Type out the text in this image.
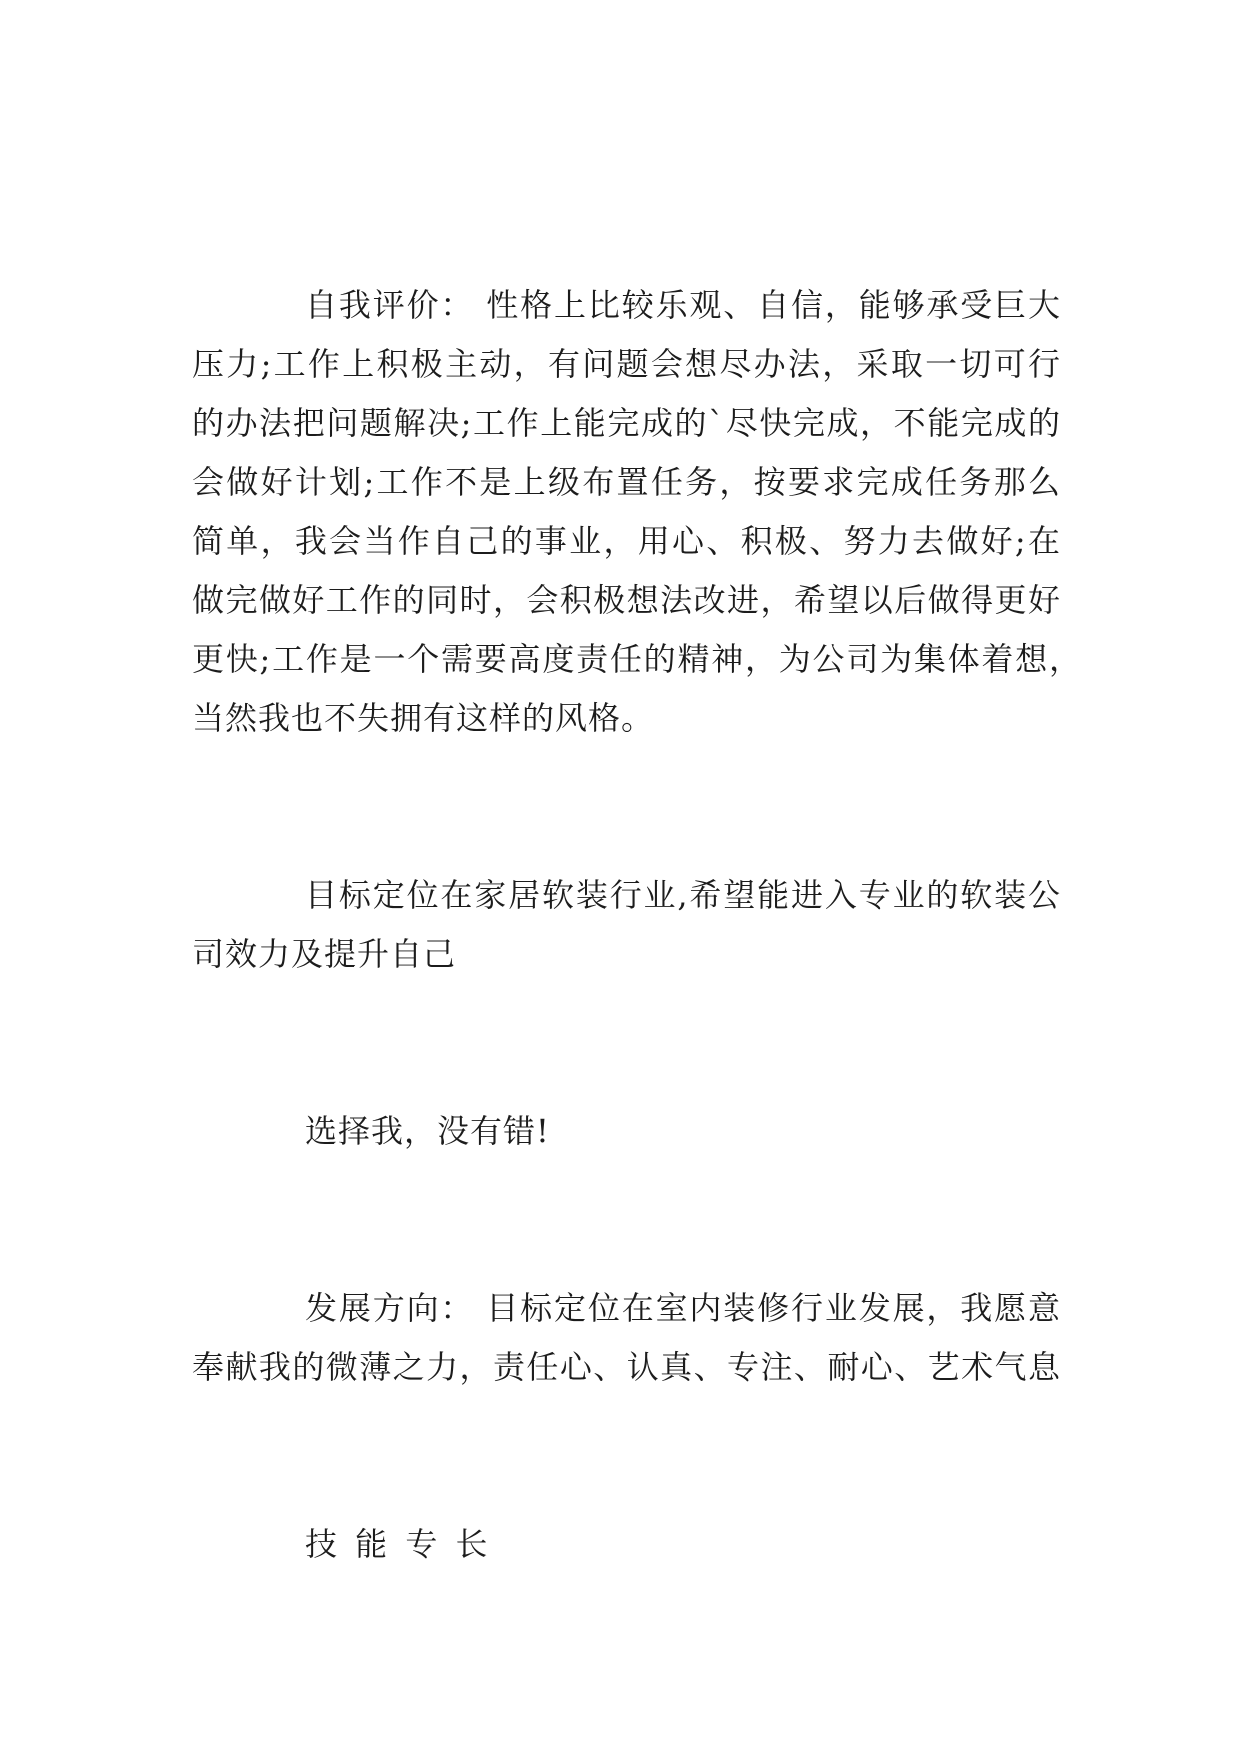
自我评价： 性格上比较乐观、自信，能够承受巨大
压力;工作上积极主动，有问题会想尽办法，采取一切可行
的办法把问题解决;工作上能完成的`尽快完成，不能完成的
会做好计划;工作不是上级布置任务，按要求完成任务那么
简单，我会当作自己的事业，用心、积极、努力去做好;在
做完做好工作的同时，会积极想法改进，希望以后做得更好
更快;工作是一个需要高度责任的精神，为公司为集体着想，
当然我也不失拥有这样的风格。
目标定位在家居软装行业,希望能进入专业的软装公
司效力及提升自己
选择我，没有错!
发展方向： 目标定位在室内装修行业发展，我愿意
奉献我的微薄之力，责任心、认真、专注、耐心、艺术气息
技 能 专 长
